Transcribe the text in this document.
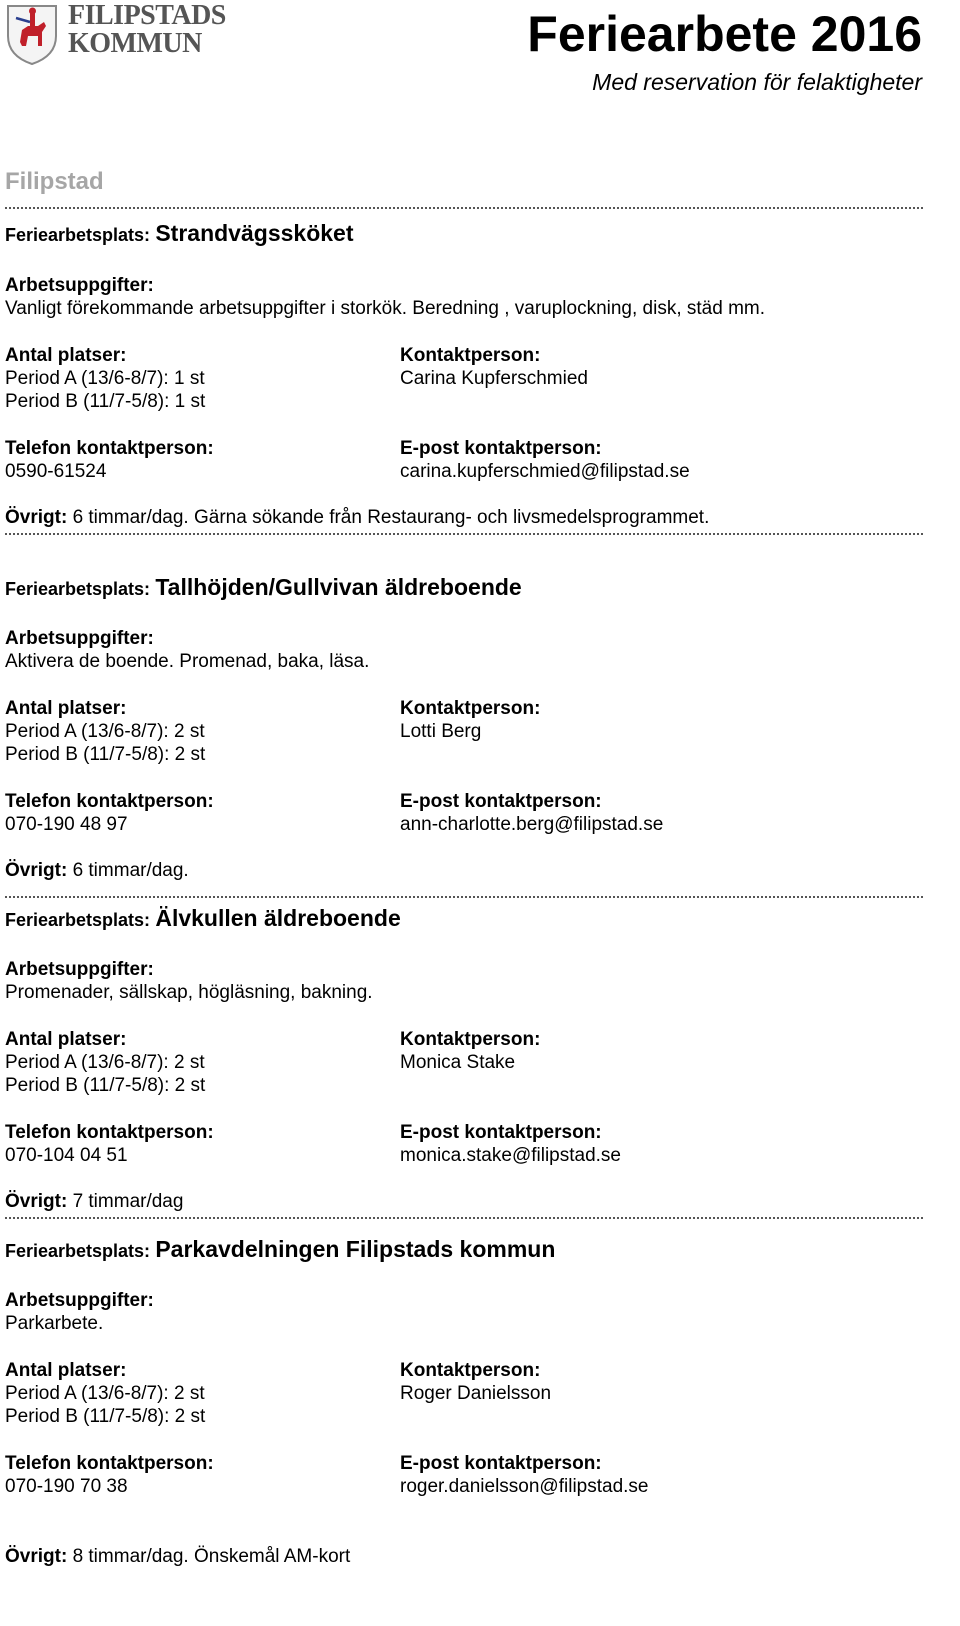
FILIPSTADS
KOMMUN	Feriearbete 2016
Med reservation för felaktigheter
Filipstad
Feriearbetsplats: Strandvägssköket
Arbetsuppgifter:
Vanligt förekommande arbetsuppgifter i storkök. Beredning , varuplockning, disk, städ mm.
Antal platser:
Period A (13/6-8/7): 1 st
Period B (11/7-5/8): 1 st
Kontaktperson:
Carina Kupferschmied
Telefon kontaktperson:
0590-61524
E-post kontaktperson:
carina.kupferschmied@filipstad.se
Övrigt: 6 timmar/dag. Gärna sökande från Restaurang- och livsmedelsprogrammet.
Feriearbetsplats: Tallhöjden/Gullvivan äldreboende
Arbetsuppgifter:
Aktivera de boende. Promenad, baka, läsa.
Antal platser:
Period A (13/6-8/7): 2 st
Period B (11/7-5/8): 2 st
Kontaktperson:
Lotti Berg
Telefon kontaktperson:
070-190 48 97
E-post kontaktperson:
ann-charlotte.berg@filipstad.se
Övrigt: 6 timmar/dag.
Feriearbetsplats: Älvkullen äldreboende
Arbetsuppgifter:
Promenader, sällskap, högläsning, bakning.
Antal platser:
Period A (13/6-8/7): 2 st
Period B (11/7-5/8): 2 st
Kontaktperson:
Monica Stake
Telefon kontaktperson:
070-104 04 51
E-post kontaktperson:
monica.stake@filipstad.se
Övrigt: 7 timmar/dag
Feriearbetsplats: Parkavdelningen Filipstads kommun
Arbetsuppgifter:
Parkarbete.
Antal platser:
Period A (13/6-8/7): 2 st
Period B (11/7-5/8): 2 st
Kontaktperson:
Roger Danielsson
Telefon kontaktperson:
070-190 70 38
E-post kontaktperson:
roger.danielsson@filipstad.se
Övrigt: 8 timmar/dag. Önskemål AM-kort
